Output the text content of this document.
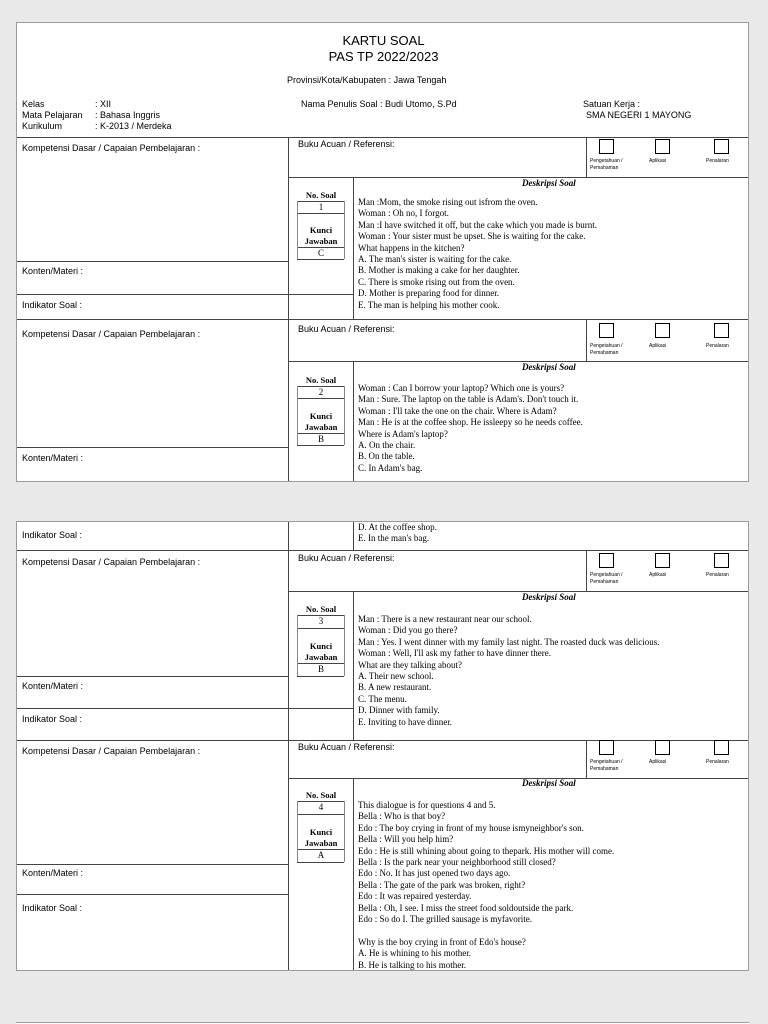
KARTU SOAL
PAS TP 2022/2023
Provinsi/Kota/Kabupaten : Jawa Tengah
Kelas	: XII
Mata Pelajaran : Bahasa Inggris
Kurikulum	: K-2013 / Merdeka
Nama Penulis Soal : Budi Utomo, S.Pd	Satuan Kerja :
SMA NEGERI 1 MAYONG
Kompetensi Dasar / Capaian Pembelajaran :	Buku Acuan / Referensi:
Pengetahuan /
Pemahaman
Aplikasi	Penalaran
Deskripsi Soal
No. Soal
1
Kunci
Jawaban
C
Man :Mom, the smoke rising out isfrom the oven.
Woman : Oh no, I forgot.
Man :I have switched it off, but the cake which you made is burnt.
Woman : Your sister must be upset. She is waiting for the cake.
What happens in the kitchen?
A. The man's sister is waiting for the cake.
B. Mother is making a cake for her daughter.
C. There is smoke rising out from the oven.
D. Mother is preparing food for dinner.
E. The man is helping his mother cook.
Konten/Materi :
Indikator Soal :
Kompetensi Dasar / Capaian Pembelajaran :	Buku Acuan / Referensi:
Pengetahuan /
Pemahaman
Aplikasi	Penalaran
Deskripsi Soal
No. Soal
2
Kunci
Jawaban
B
Woman : Can I borrow your laptop? Which one is yours?
Man : Sure. The laptop on the table is Adam's. Don't touch it.
Woman : I'll take the one on the chair. Where is Adam?
Man : He is at the coffee shop. He issleepy so he needs coffee.
Where is Adam's laptop?
A. On the chair.
B. On the table.
C. In Adam's bag.
Konten/Materi :
Indikator Soal :
D. At the coffee shop.
E. In the man's bag.
Kompetensi Dasar / Capaian Pembelajaran :	Buku Acuan / Referensi:
Pengetahuan /
Pemahaman
Aplikasi	Penalaran
Deskripsi Soal
No. Soal
3
Kunci
Jawaban
B
Man : There is a new restaurant near our school.
Woman : Did you go there?
Man : Yes. I went dinner with my family last night. The roasted duck was delicious.
Woman : Well, I'll ask my father to have dinner there.
What are they talking about?
A. Their new school.
B. A new restaurant.
C. The menu.
D. Dinner with family.
E. Inviting to have dinner.
Konten/Materi :
Indikator Soal :
Kompetensi Dasar / Capaian Pembelajaran :	Buku Acuan / Referensi:
Pengetahuan /
Pemahaman
Aplikasi	Penalaran
Deskripsi Soal
No. Soal
4
Kunci
Jawaban
A
This dialogue is for questions 4 and 5.
Bella : Who is that boy?
Edo : The boy crying in front of my house ismyneighbor's son.
Bella : Will you help him?
Edo : He is still whining about going to thepark. His mother will come.
Bella : Is the park near your neighborhood still closed?
Edo : No. It has just opened two days ago.
Bella : The gate of the park was broken, right?
Edo : It was repaired yesterday.
Bella : Oh, I see. I miss the street food soldoutside the park.
Edo : So do I. The grilled sausage is myfavorite.
Why is the boy crying in front of Edo's house?
A. He is whining to his mother.
B. He is talking to his mother.
Konten/Materi :
Indikator Soal :
